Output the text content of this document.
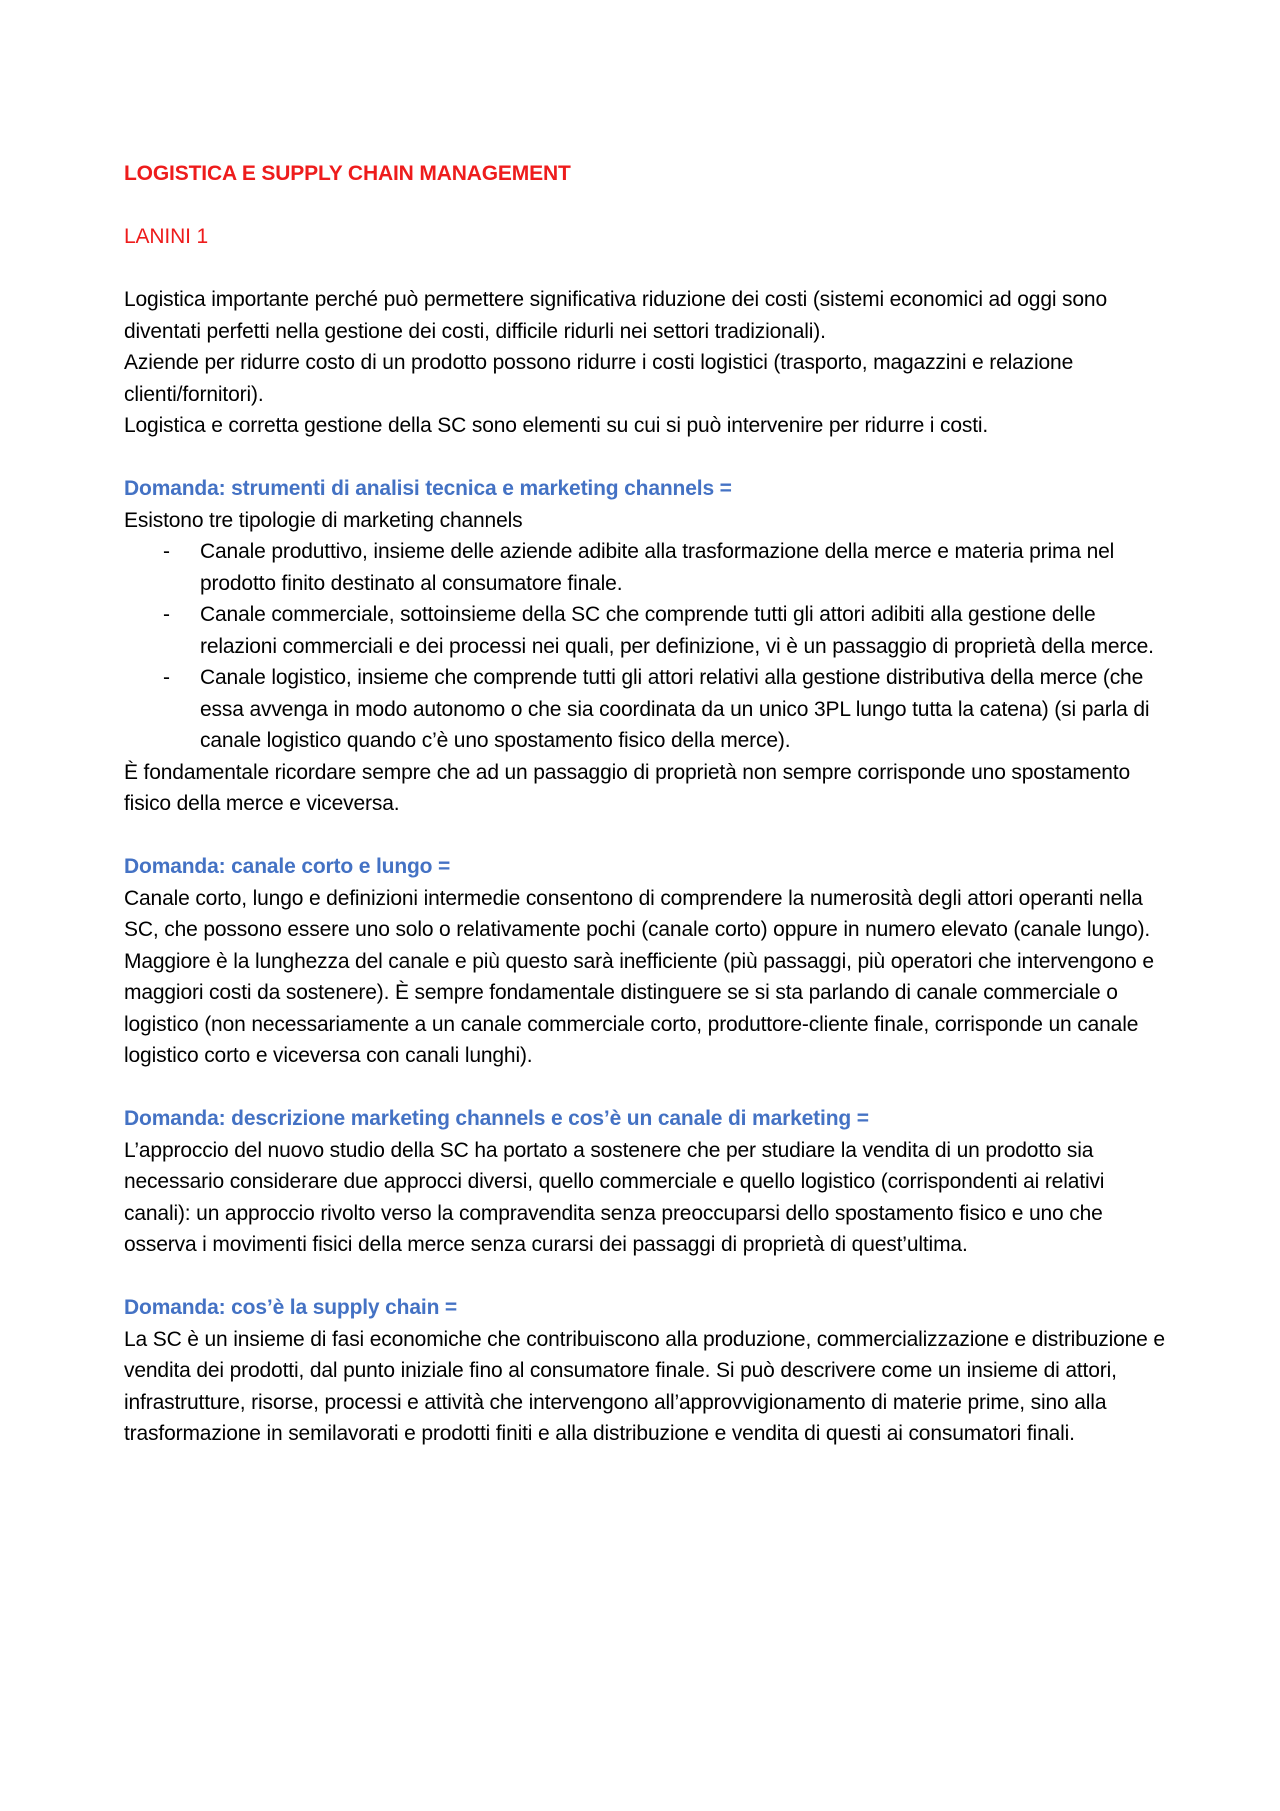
LOGISTICA E SUPPLY CHAIN MANAGEMENT
LANINI 1

Logistica importante perché può permettere significativa riduzione dei costi (sistemi economici ad oggi sono diventati perfetti nella gestione dei costi, difficile ridurli nei settori tradizionali).

Aziende per ridurre costo di un prodotto possono ridurre i costi logistici (trasporto, magazzini e relazione clienti/fornitori).

Logistica e corretta gestione della SC sono elementi su cui si può intervenire per ridurre i costi.

Domanda: strumenti di analisi tecnica e marketing channels =

Esistono tre tipologie di marketing channels

- Canale produttivo, insieme delle aziende adibite alla trasformazione della merce e materia prima nel prodotto finito destinato al consumatore finale.
- Canale commerciale, sottoinsieme della SC che comprende tutti gli attori adibiti alla gestione delle relazioni commerciali e dei processi nei quali, per definizione, vi è un passaggio di proprietà della merce.
- Canale logistico, insieme che comprende tutti gli attori relativi alla gestione distributiva della merce (che essa avvenga in modo autonomo o che sia coordinata da un unico 3PL lungo tutta la catena) (si parla di canale logistico quando c’è uno spostamento fisico della merce).

È fondamentale ricordare sempre che ad un passaggio di proprietà non sempre corrisponde uno spostamento fisico della merce e viceversa.

Domanda: canale corto e lungo =

Canale corto, lungo e definizioni intermedie consentono di comprendere la numerosità degli attori operanti nella SC, che possono essere uno solo o relativamente pochi (canale corto) oppure in numero elevato (canale lungo). Maggiore è la lunghezza del canale e più questo sarà inefficiente (più passaggi, più operatori che intervengono e maggiori costi da sostenere). È sempre fondamentale distinguere se si sta parlando di canale commerciale o logistico (non necessariamente a un canale commerciale corto, produttore-cliente finale, corrisponde un canale logistico corto e viceversa con canali lunghi).

Domanda: descrizione marketing channels e cos’è un canale di marketing =

L’approccio del nuovo studio della SC ha portato a sostenere che per studiare la vendita di un prodotto sia necessario considerare due approcci diversi, quello commerciale e quello logistico (corrispondenti ai relativi canali): un approccio rivolto verso la compravendita senza preoccuparsi dello spostamento fisico e uno che osserva i movimenti fisici della merce senza curarsi dei passaggi di proprietà di quest’ultima.

Domanda: cos’è la supply chain =

La SC è un insieme di fasi economiche che contribuiscono alla produzione, commercializzazione e distribuzione e vendita dei prodotti, dal punto iniziale fino al consumatore finale. Si può descrivere come un insieme di attori, infrastrutture, risorse, processi e attività che intervengono all’approvvigionamento di materie prime, sino alla trasformazione in semilavorati e prodotti finiti e alla distribuzione e vendita di questi ai consumatori finali.
